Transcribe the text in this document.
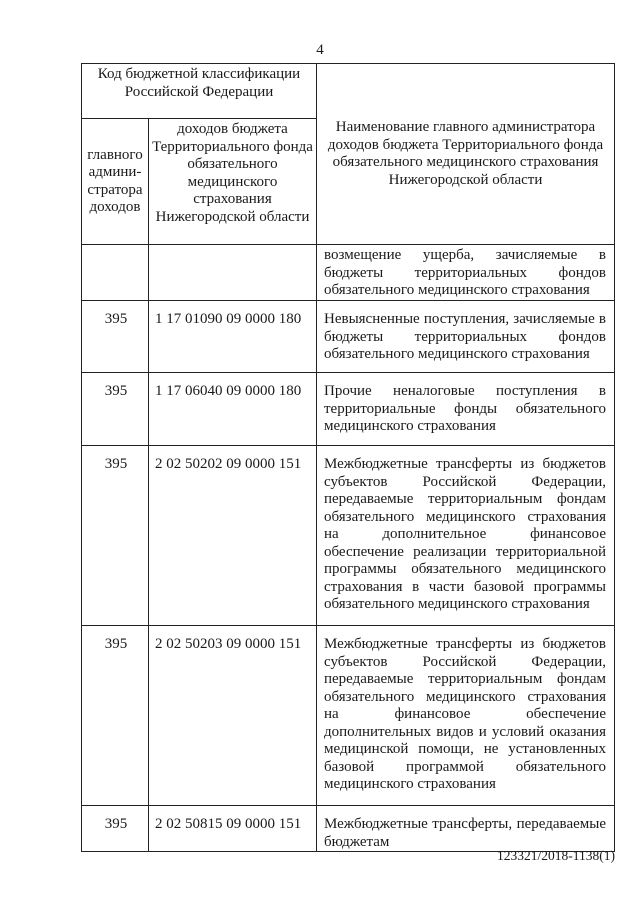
4
Код бюджетной классификации Российской Федерации		Наименование главного администратора доходов бюджета Территориального фонда обязательного медицинского страхования Нижегородской области
главного админи-стратора доходов	доходов бюджета Территориального фонда обязательного медицинского страхования Нижегородской области	
		возмещение ущерба, зачисляемые в бюджеты территориальных фондов обязательного медицинского страхования
395	1 17 01090 09 0000 180	Невыясненные поступления, зачисляемые в бюджеты территориальных фондов обязательного медицинского страхования
395	1 17 06040 09 0000 180	Прочие неналоговые поступления в территориальные фонды обязательного медицинского страхования
395	2 02 50202 09 0000 151	Межбюджетные трансферты из бюджетов субъектов Российской Федерации, передаваемые территориальным фондам обязательного медицинского страхования на дополнительное финансовое обеспечение реализации территориальной программы обязательного медицинского страхования в части базовой программы обязательного медицинского страхования
395	2 02 50203 09 0000 151	Межбюджетные трансферты из бюджетов субъектов Российской Федерации, передаваемые территориальным фондам обязательного медицинского страхования на финансовое обеспечение дополнительных видов и условий оказания медицинской помощи, не установленных базовой программой обязательного медицинского страхования
395	2 02 50815 09 0000 151	Межбюджетные трансферты, передаваемые бюджетам
123321/2018-1138(1)
